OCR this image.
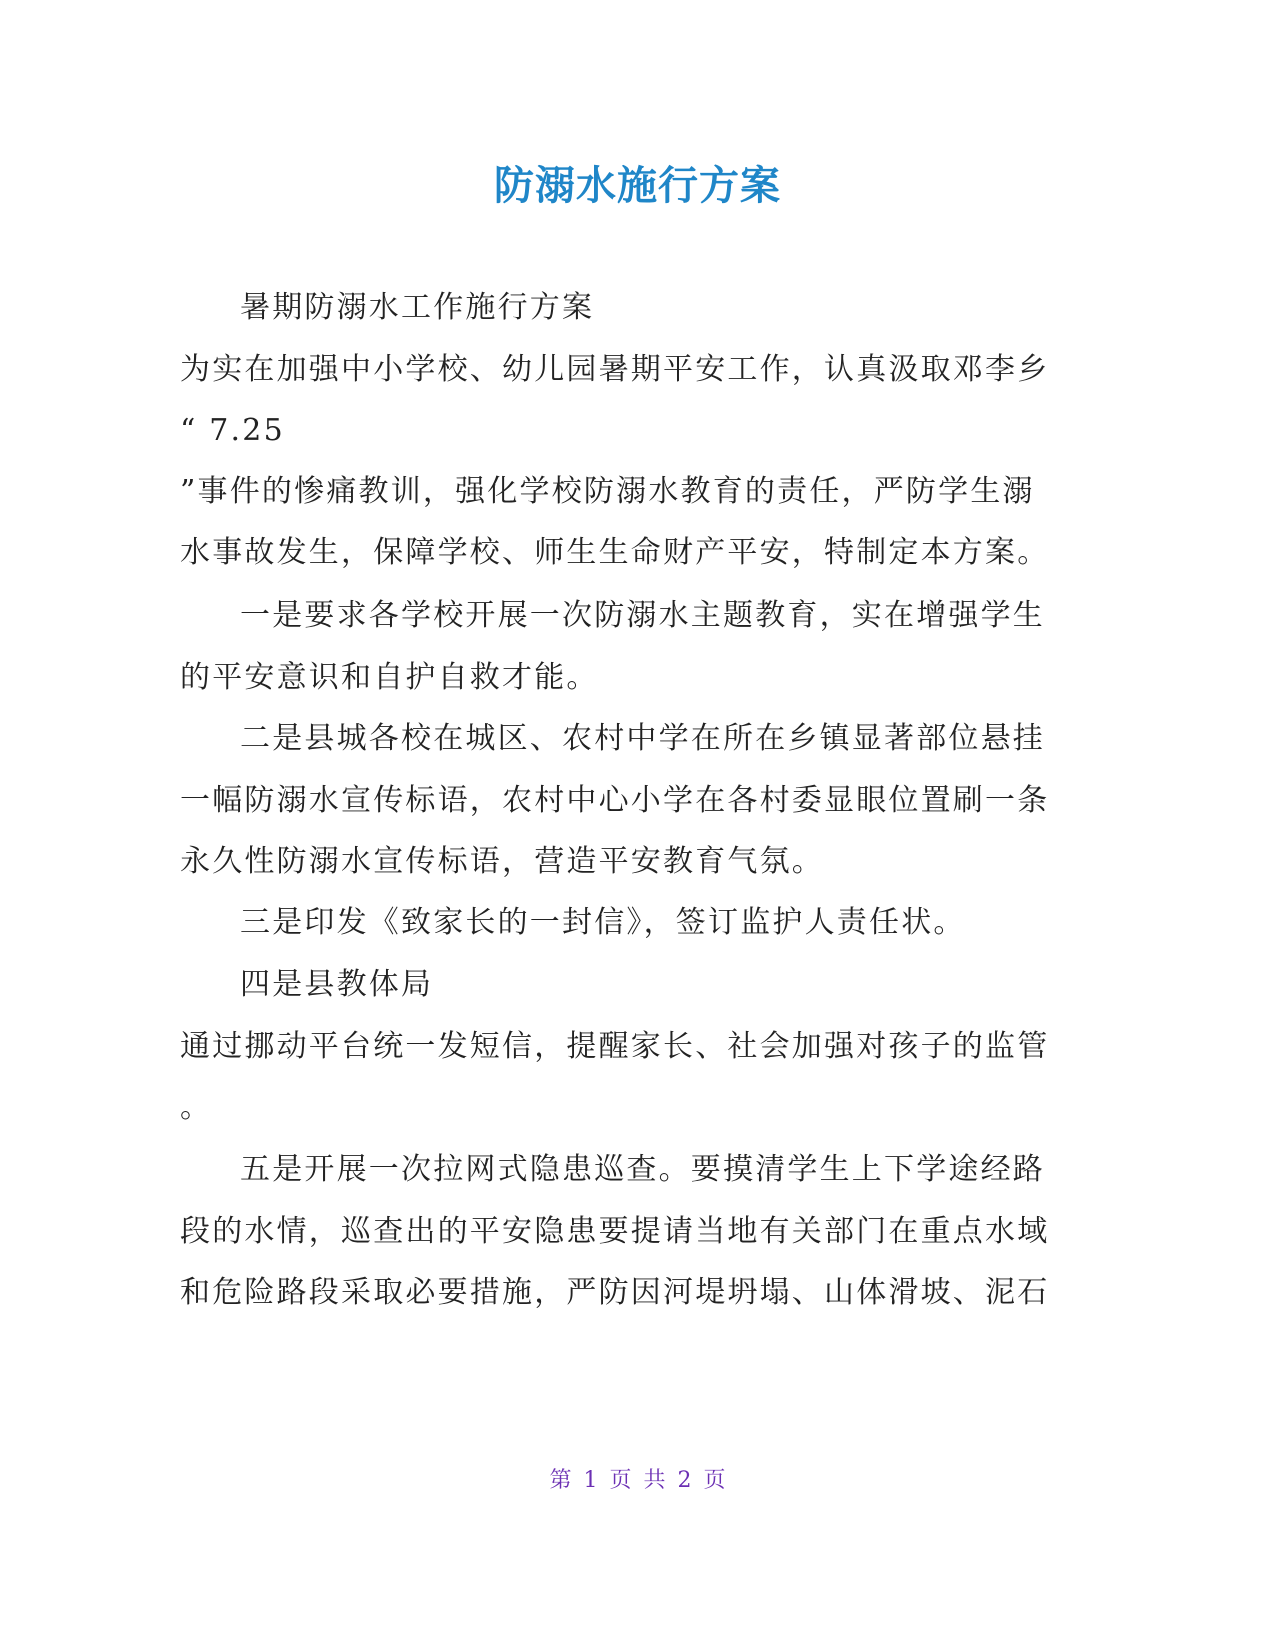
防溺水施行方案
暑期防溺水工作施行方案
为实在加强中小学校、幼儿园暑期平安工作，认真汲取邓李乡
“ 7.25
”事件的惨痛教训，强化学校防溺水教育的责任，严防学生溺
水事故发生，保障学校、师生生命财产平安，特制定本方案。
一是要求各学校开展一次防溺水主题教育，实在增强学生
的平安意识和自护自救才能。
二是县城各校在城区、农村中学在所在乡镇显著部位悬挂
一幅防溺水宣传标语，农村中心小学在各村委显眼位置刷一条
永久性防溺水宣传标语，营造平安教育气氛。
三是印发《致家长的一封信》，签订监护人责任状。
四是县教体局
通过挪动平台统一发短信，提醒家长、社会加强对孩子的监管
。
五是开展一次拉网式隐患巡查。要摸清学生上下学途经路
段的水情，巡查出的平安隐患要提请当地有关部门在重点水域
和危险路段采取必要措施，严防因河堤坍塌、山体滑坡、泥石
第 1 页 共 2 页
